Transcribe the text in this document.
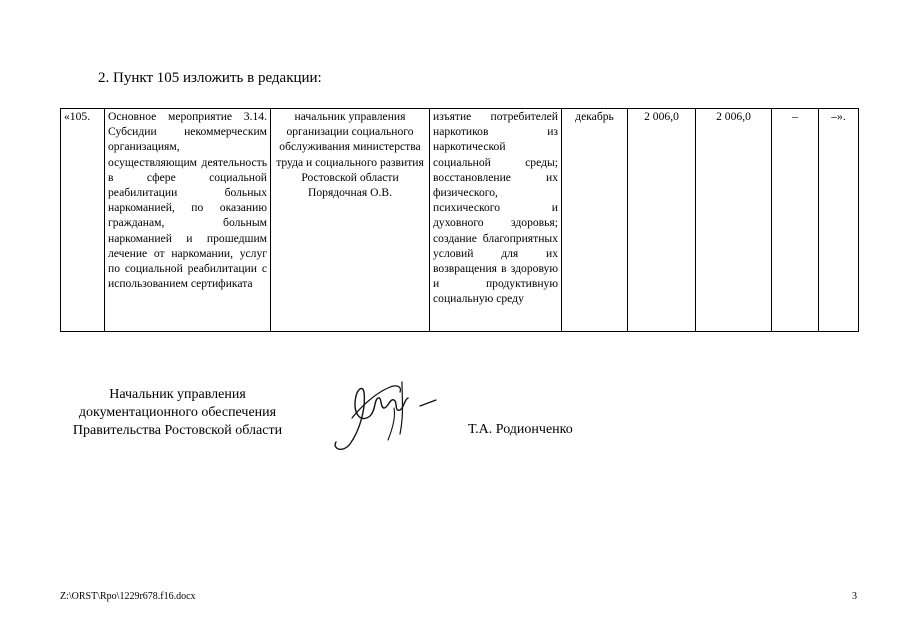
2. Пункт 105 изложить в редакции:
«105.	Основное мероприятие 3.14. Субсидии некоммерческим организациям, осуществляющим деятельность в сфере социальной реабилитации больных наркоманией, по оказанию гражданам, больным наркоманией и прошедшим лечение от наркомании, услуг по социальной реабилитации с использованием сертификата	начальник управления организации социального обслуживания министерства труда и социального развития Ростовской области Порядочная О.В.	изъятие потребителей наркотиков из наркотической социальной среды; восстановление их физического, психического и духовного здоровья; создание благоприятных условий для их возвращения в здоровую и продуктивную социальную среду	декабрь	2 006,0	2 006,0	–	–».
Начальник управления
документационного обеспечения
Правительства Ростовской области	Т.А. Родионченко
Z:\ORST\Rpo\1229r678.f16.docx	3
